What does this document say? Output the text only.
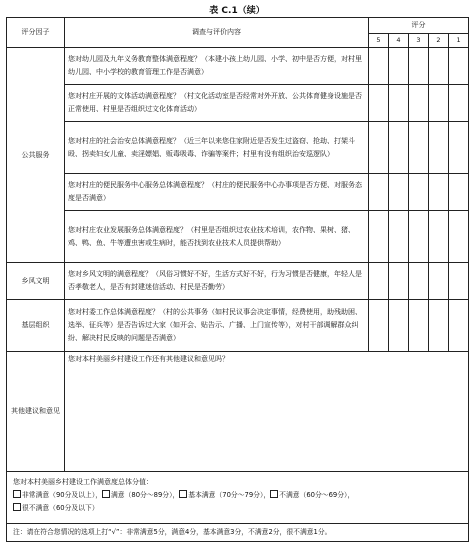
表 C.1（续）
评分因子	调查与评价内容	评分				
		5	4	3	2	1
公共服务	您对幼儿园及九年义务教育整体满意程度？（本建小孩上幼儿园、小学、初中是否方便，对村里幼儿园、中小学校的教育管理工作是否满意）					
	您对村庄开展的文体活动满意程度？（村文化活动室是否经常对外开放、公共体育健身设施是否正常使用、村里是否组织过文化体育活动）					
	您对村庄的社会治安总体满意程度？（近三年以来您住家附近是否发生过盗窃、抢劫、打架斗殴、拐卖妇女儿童、卖淫嫖娼、贩毒吸毒、诈骗等案件；村里有没有组织治安巡逻队）					
	您对村庄的便民服务中心服务总体满意程度？（村庄的便民服务中心办事项是否方便、对服务态度是否满意）					
	您对村庄农业发展服务总体满意程度？（村里是否组织过农业技术培训，农作物、果树、猪、鸡、鸭、鱼、牛等遭虫害或生病时，能否找到农业技术人员提供帮助）					
乡风文明	您对乡风文明的满意程度？（风俗习惯好不好，生活方式好不好，行为习惯是否健康，年轻人是否孝敬老人，是否有封建迷信活动、村民是否勤劳）					
基层组织	您对村委工作总体满意程度？（村的公共事务（如村民议事会决定事情，经费使用，助残助困、选举、征兵等）是否告诉过大家（如开会、贴告示、广播、上门宣传等），对村干部调解群众纠纷、解决村民反映的问题是否满意）					
其他建议和意见	您对本村美丽乡村建设工作还有其他建议和意见吗？					

您对本村美丽乡村建设工作满意度总体分值：
非常满意（90分及以上）， 满意（80分～89分）， 基本满意（70分～79分）， 不满意（60分～69分），
很不满意（60分及以下）						

注：请在符合您情况的选项上打“√”：非常满意5分，满意4分，基本满意3分，不满意2分，很不满意1分。						
